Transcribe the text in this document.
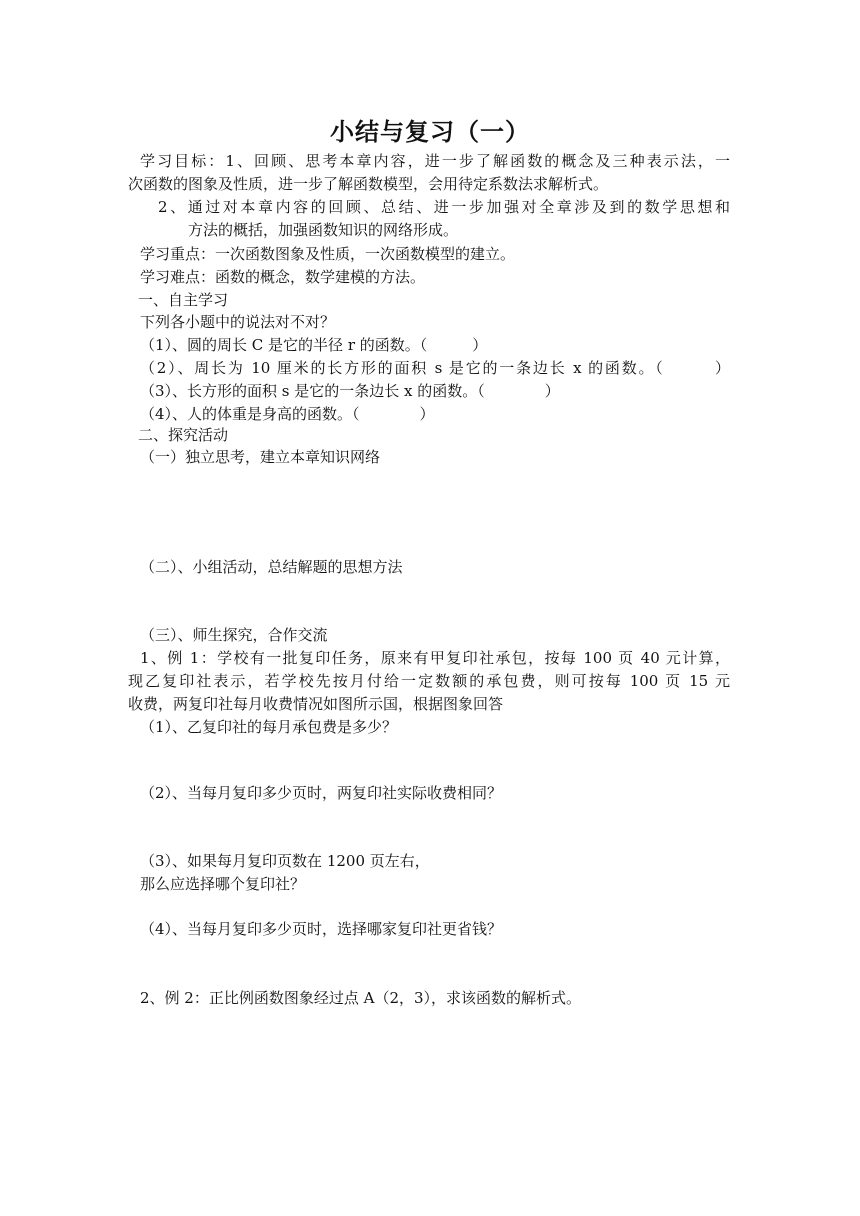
小结与复习（一）
学习目标：1、回顾、思考本章内容，进一步了解函数的概念及三种表示法，一
次函数的图象及性质，进一步了解函数模型，会用待定系数法求解析式。
2、通过对本章内容的回顾、总结、进一步加强对全章涉及到的数学思想和
方法的概括，加强函数知识的网络形成。
学习重点：一次函数图象及性质，一次函数模型的建立。
学习难点：函数的概念，数学建模的方法。
一、自主学习
下列各小题中的说法对不对？
（1）、圆的周长 C 是它的半径 r 的函数。（　　　）
（2）、周长为 10 厘米的长方形的面积 s 是它的一条边长 x 的函数。（　　　）
（3）、长方形的面积 s 是它的一条边长 x 的函数。（　　　　）
（4）、人的体重是身高的函数。（　　　　）
二、探究活动
（一）独立思考，建立本章知识网络
（二）、小组活动，总结解题的思想方法
（三）、师生探究，合作交流
1、例 1：学校有一批复印任务，原来有甲复印社承包，按每 100 页 40 元计算，
现乙复印社表示，若学校先按月付给一定数额的承包费，则可按每 100 页 15 元
收费，两复印社每月收费情况如图所示国，根据图象回答
（1）、乙复印社的每月承包费是多少？
（2）、当每月复印多少页时，两复印社实际收费相同？
（3）、如果每月复印页数在 1200 页左右，
那么应选择哪个复印社？
（4）、当每月复印多少页时，选择哪家复印社更省钱？
2、例 2：正比例函数图象经过点 A（2，3），求该函数的解析式。
